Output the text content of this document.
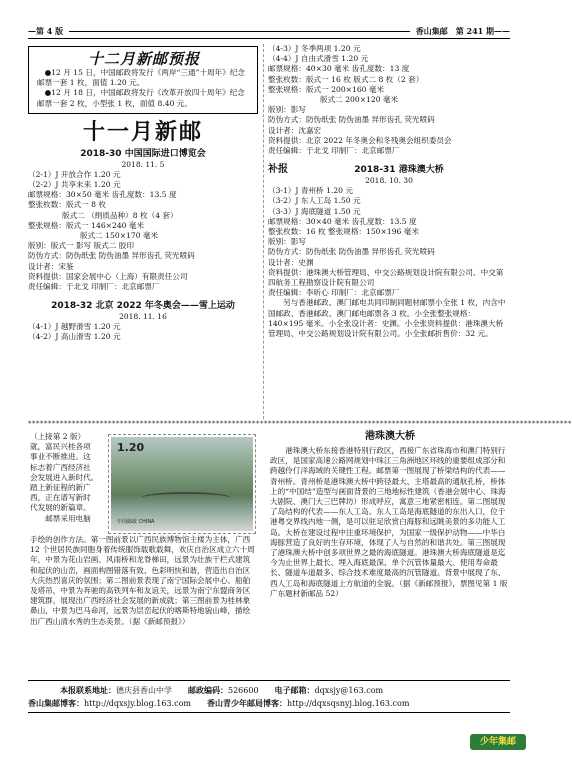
—第 4 版	香山集邮 第 241 期——
十二月新邮预报

●12 月 15 日，中国邮政将发行《两岸“三通”十周年》纪念邮票一套 1 枚，面值 1.20 元。

●12 月 18 日，中国邮政将发行《改革开放四十周年》纪念邮票一套 2 枚，小型张 1 枚，面值 8.40 元。

十一月新邮
2018-30 中国国际进口博览会
2018. 11. 5
（2-1）J 开放合作 1.20 元
（2-2）J 共享未来 1.20 元
邮票规格：30×50 毫米 齿孔度数：13.5 度
整张枚数：版式一 8 枚
版式二 （绢质品种）8 枚（4 套）
整张规格：版式一 146×240 毫米
版式二 150×170 毫米
版别：版式一 影写 版式二 胶印
防伪方式：防伪纸张 防伪油墨 异形齿孔 荧光喷码
设计者：宋鉴
资料提供：国家会展中心（上海）有限责任公司
责任编辑：于北戈 印制厂：北京邮票厂
2018-32 北京 2022 年冬奥会——雪上运动
2018. 11. 16
（4-1）J 越野滑雪 1.20 元
（4-2）J 高山滑雪 1.20 元
（4-3）J 冬季两项 1.20 元
（4-4）J 自由式滑雪 1.20 元
邮票规格：40×30 毫米 齿孔度数：13 度
整张枚数：版式一 16 枚 版式二 8 枚（2 套）
整张规格：版式一 200×160 毫米
版式二 200×120 毫米
版别：影写
防伪方式：防伪纸张 防伪油墨 异形齿孔 荧光喷码
设计者：沈嘉宏
资料提供：北京 2022 年冬奥会和冬残奥会组织委员会
责任编辑：于北戈 印制厂：北京邮票厂
补报	2018-31 港珠澳大桥
2018. 10. 30
（3-1）J 青州桥 1.20 元
（3-2）J 东人工岛 1.50 元
（3-3）J 海底隧道 1.50 元
邮票规格：30×40 毫米 齿孔度数：13.5 度
整张枚数：16 枚 整张规格：150×196 毫米
版别：影写
防伪方式：防伪纸张 防伪油墨 异形齿孔 荧光喷码
设计者：史渊
资料提供：港珠澳大桥管理局、中交公路规划设计院有限公司、中交第四航务工程勘察设计院有限公司
责任编辑：李昕心 印制厂：北京邮票厂
另与香港邮政、澳门邮电共同印制同题材邮票小全张 1 枚，内含中国邮政、香港邮政、澳门邮电邮票各 3 枚。小全张整张规格：140×195 毫米。小全张设计者：史渊。小全张资料提供：港珠澳大桥管理局、中交公路规划设计院有限公司。小全张邮折售价：32 元。
****************************************************************************************************************************************
（上接第 2 版）
就，富民兴桂各项
事业不断推进。这
标志着广西经济社
会发展进入新时代。
踏上新征程的新广
西，正在谱写新时
代发展的新篇章。
邮票采用电脑
1.20
中国邮政 CHINA

手绘的创作方法。第一图前景以广西民族博物馆主楼为主体，广西 12 个世居民族同胞身着传统服饰载歌载舞，欢庆自治区成立六十周年，中景为花山岩画、风雨桥和龙脊梯田，远景为壮族干栏式建筑和起伏的山峦，画面构图错落有致、色彩明快和谐，营造出自治区大庆热烈喜庆的氛围；第二图前景表现了南宁国际会展中心、船舶及塔吊，中景为奔驰的高铁列车和友谊关，远景为南宁东盟商务区建筑群，展现出广西经济社会发展的新成就；第三图前景为桂林象鼻山，中景为巴马命河，远景为层峦起伏的喀斯特地貌山峰，描绘出广西山清水秀的生态美景。（据《新邮预报》）

港珠澳大桥

港珠澳大桥东接香港特别行政区，西接广东省珠海市和澳门特别行政区，是国家高速公路网规划中珠江三角洲地区环线的重要组成部分和跨越伶仃洋海域的关键性工程。邮票第一图展现了桥梁结构的代表——青州桥。青州桥是港珠澳大桥中跨径最大、主塔最高的通航孔桥，桥体上的“中国结”造型与画面背景的三地地标性建筑（香港会展中心、珠海大剧院、澳门大三巴牌坊）形成呼应，寓意三地紧密相连。第二图展现了岛结构的代表——东人工岛。东人工岛是海底隧道的东出入口，位于港粤交界线内地一侧，是可以驻足欣赏白海豚和远眺美景的多功能人工岛。大桥在建设过程中注重环境保护，为国家一级保护动物——中华白海豚营造了良好的生存环境，体现了人与自然的和谐共处。第三图展现了港珠澳大桥中创多项世界之最的海底隧道。港珠澳大桥海底隧道是迄今为止世界上最长、埋入海底最深、单个沉管体量最大、使用寿命最长、隧道车道最多、综合技术难度最高的沉管隧道。背景中展现了东、西人工岛和海底隧道上方航道的全貌。（据《新邮预报》，票图见第 1 版广东题材新邮品 52）

本报联系地址：德庆县香山中学 邮政编码：526600 电子邮箱：dqxsjy@163.com
香山集邮博客：http://dqxsjy.blog.163.com 香山青少年邮局博客：http://dqxsqsnyj.blog.163.com
少年集邮
